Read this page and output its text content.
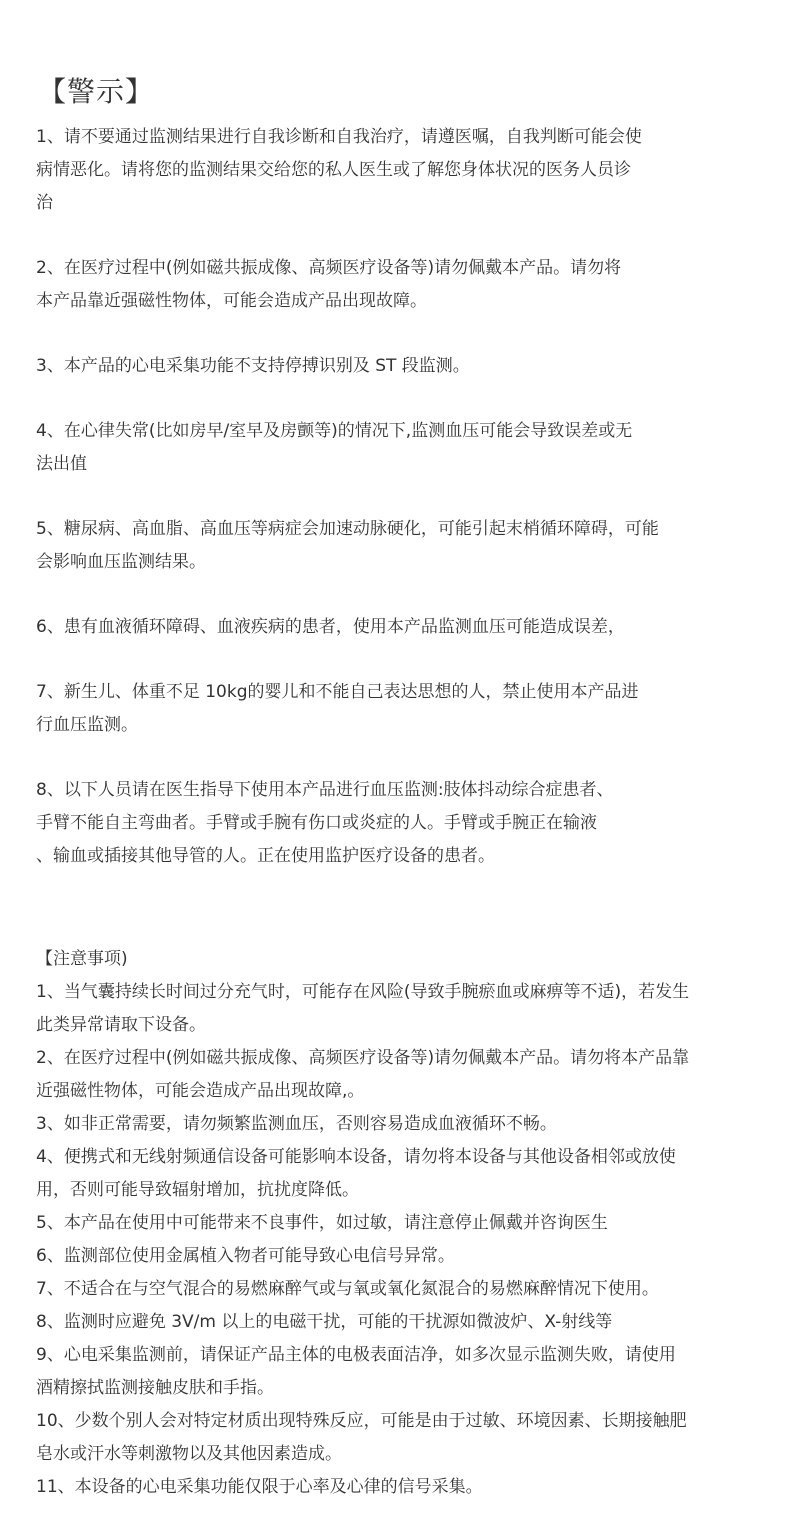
【警示】
1、请不要通过监测结果进行自我诊断和自我治疗，请遵医嘱，自我判断可能会使
病情恶化。请将您的监测结果交给您的私人医生或了解您身体状况的医务人员诊
治
2、在医疗过程中(例如磁共振成像、高频医疗设备等)请勿佩戴本产品。请勿将
本产品靠近强磁性物体，可能会造成产品出现故障。
3、本产品的心电采集功能不支持停搏识别及 ST 段监测。
4、在心律失常(比如房早/室早及房颤等)的情况下,监测血压可能会导致误差或无
法出值
5、糖尿病、高血脂、高血压等病症会加速动脉硬化，可能引起末梢循环障碍，可能
会影响血压监测结果。
6、患有血液循环障碍、血液疾病的患者，使用本产品监测血压可能造成误差，
7、新生儿、体重不足 10kg的婴儿和不能自己表达思想的人，禁止使用本产品进
行血压监测。
8、以下人员请在医生指导下使用本产品进行血压监测:肢体抖动综合症患者、
手臂不能自主弯曲者。手臂或手腕有伤口或炎症的人。手臂或手腕正在输液
、输血或插接其他导管的人。正在使用监护医疗设备的患者。
【注意事项)
1、当气囊持续长时间过分充气时，可能存在风险(导致手腕瘀血或麻痹等不适)，若发生
此类异常请取下设备。
2、在医疗过程中(例如磁共振成像、高频医疗设备等)请勿佩戴本产品。请勿将本产品靠
近强磁性物体，可能会造成产品出现故障,。
3、如非正常需要，请勿频繁监测血压，否则容易造成血液循环不畅。
4、便携式和无线射频通信设备可能影响本设备，请勿将本设备与其他设备相邻或放使
用，否则可能导致辐射增加，抗扰度降低。
5、本产品在使用中可能带来不良事件，如过敏，请注意停止佩戴并咨询医生
6、监测部位使用金属植入物者可能导致心电信号异常。
7、不适合在与空气混合的易燃麻醉气或与氧或氧化氮混合的易燃麻醉情况下使用。
8、监测时应避免 3V/m 以上的电磁干扰，可能的干扰源如微波炉、X-射线等
9、心电采集监测前，请保证产品主体的电极表面洁净，如多次显示监测失败，请使用
酒精擦拭监测接触皮肤和手指。
10、少数个别人会对特定材质出现特殊反应，可能是由于过敏、环境因素、长期接触肥
皂水或汗水等刺激物以及其他因素造成。
11、本设备的心电采集功能仅限于心率及心律的信号采集。
